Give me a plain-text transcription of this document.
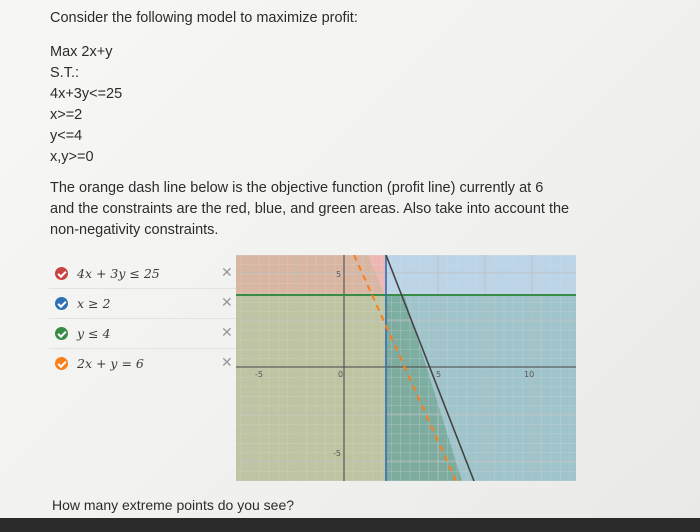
Consider the following model to maximize profit:
Max 2x+y
S.T.:
4x+3y<=25
x>=2
y<=4
x,y>=0
The orange dash line below is the objective function (profit line) currently at 6 and the constraints are the red, blue, and green areas. Also take into account the non-negativity constraints.
4x + 3y ≤ 25	✕
x ≥ 2	✕
y ≤ 4	✕
2x + y = 6	✕
-5	0	5	10
5
-5
How many extreme points do you see?
